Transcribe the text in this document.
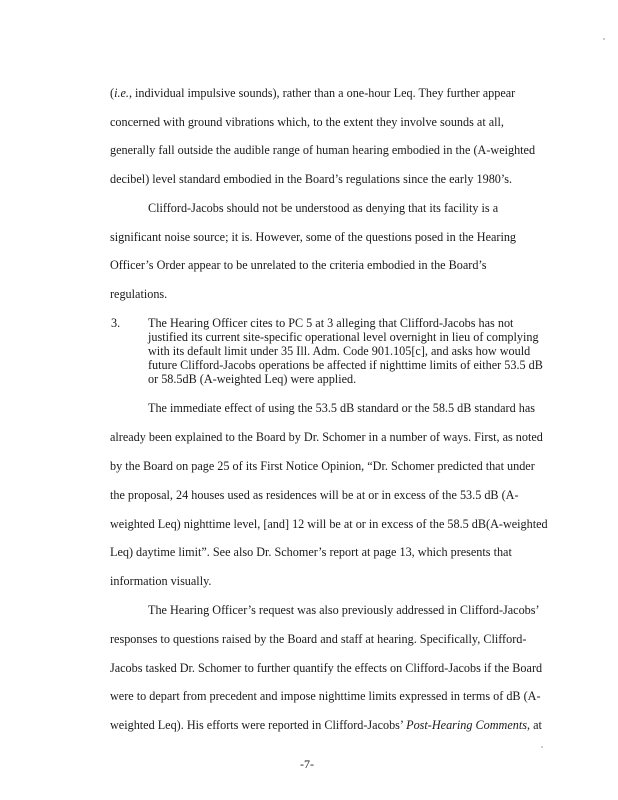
(i.e., individual impulsive sounds), rather than a one-hour Leq. They further appear
concerned with ground vibrations which, to the extent they involve sounds at all,
generally fall outside the audible range of human hearing embodied in the (A-weighted
decibel) level standard embodied in the Board’s regulations since the early 1980’s.
Clifford-Jacobs should not be understood as denying that its facility is a
significant noise source; it is. However, some of the questions posed in the Hearing
Officer’s Order appear to be unrelated to the criteria embodied in the Board’s
regulations.
3. The Hearing Officer cites to PC 5 at 3 alleging that Clifford-Jacobs has not
justified its current site-specific operational level overnight in lieu of complying
with its default limit under 35 Ill. Adm. Code 901.105[c], and asks how would
future Clifford-Jacobs operations be affected if nighttime limits of either 53.5 dB
or 58.5dB (A-weighted Leq) were applied.
The immediate effect of using the 53.5 dB standard or the 58.5 dB standard has
already been explained to the Board by Dr. Schomer in a number of ways. First, as noted
by the Board on page 25 of its First Notice Opinion, “Dr. Schomer predicted that under
the proposal, 24 houses used as residences will be at or in excess of the 53.5 dB (A-
weighted Leq) nighttime level, [and] 12 will be at or in excess of the 58.5 dB(A-weighted
Leq) daytime limit”. See also Dr. Schomer’s report at page 13, which presents that
information visually.
The Hearing Officer’s request was also previously addressed in Clifford-Jacobs’
responses to questions raised by the Board and staff at hearing. Specifically, Clifford-
Jacobs tasked Dr. Schomer to further quantify the effects on Clifford-Jacobs if the Board
were to depart from precedent and impose nighttime limits expressed in terms of dB (A-
weighted Leq). His efforts were reported in Clifford-Jacobs’ Post-Hearing Comments, at
-7-
